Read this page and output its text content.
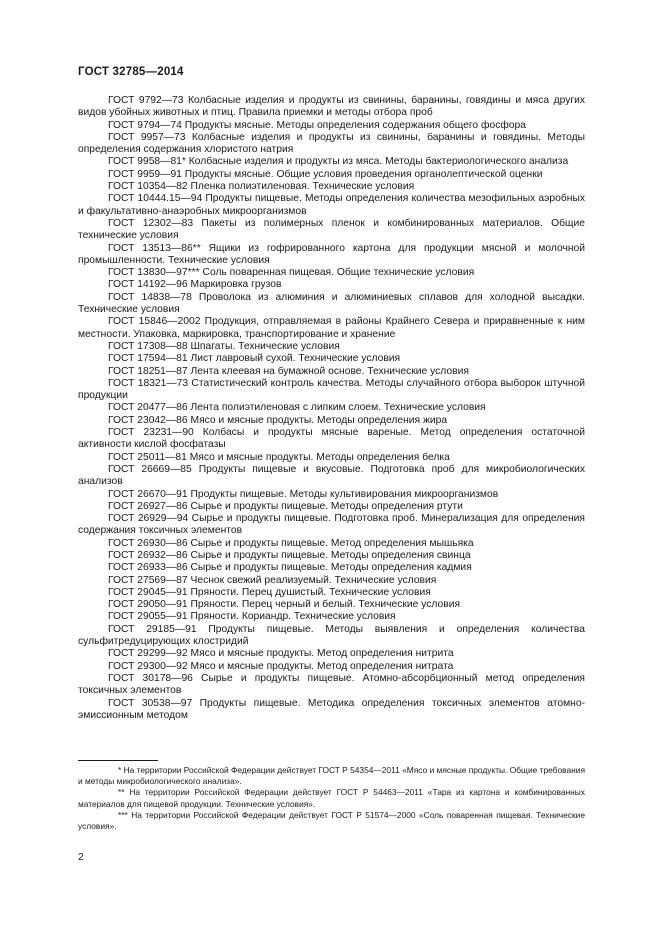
ГОСТ 32785—2014

ГОСТ 9792—73 Колбасные изделия и продукты из свинины, баранины, говядины и мяса других видов убойных животных и птиц. Правила приемки и методы отбора проб

ГОСТ 9794—74 Продукты мясные. Методы определения содержания общего фосфора

ГОСТ 9957—73 Колбасные изделия и продукты из свинины, баранины и говядины. Методы определения содержания хлористого натрия

ГОСТ 9958—81* Колбасные изделия и продукты из мяса. Методы бактериологического анализа

ГОСТ 9959—91 Продукты мясные. Общие условия проведения органолептической оценки

ГОСТ 10354—82 Пленка полиэтиленовая. Технические условия

ГОСТ 10444.15—94 Продукты пищевые. Методы определения количества мезофильных аэробных и факультативно-анаэробных микроорганизмов

ГОСТ 12302—83 Пакеты из полимерных пленок и комбинированных материалов. Общие технические условия

ГОСТ 13513—86** Ящики из гофрированного картона для продукции мясной и молочной промышленности. Технические условия

ГОСТ 13830—97*** Соль поваренная пищевая. Общие технические условия

ГОСТ 14192—96 Маркировка грузов

ГОСТ 14838—78 Проволока из алюминия и алюминиевых сплавов для холодной высадки. Технические условия

ГОСТ 15846—2002 Продукция, отправляемая в районы Крайнего Севера и приравненные к ним местности. Упаковка, маркировка, транспортирование и хранение

ГОСТ 17308—88 Шпагаты. Технические условия

ГОСТ 17594—81 Лист лавровый сухой. Технические условия

ГОСТ 18251—87 Лента клеевая на бумажной основе. Технические условия

ГОСТ 18321—73 Статистический контроль качества. Методы случайного отбора выборок штучной продукции

ГОСТ 20477—86 Лента полиэтиленовая с липким слоем. Технические условия

ГОСТ 23042—86 Мясо и мясные продукты. Методы определения жира

ГОСТ 23231—90 Колбасы и продукты мясные вареные. Метод определения остаточной активности кислой фосфатазы

ГОСТ 25011—81 Мясо и мясные продукты. Методы определения белка

ГОСТ 26669—85 Продукты пищевые и вкусовые. Подготовка проб для микробиологических анализов

ГОСТ 26670—91 Продукты пищевые. Методы культивирования микроорганизмов

ГОСТ 26927—86 Сырье и продукты пищевые. Методы определения ртути

ГОСТ 26929—94 Сырье и продукты пищевые. Подготовка проб. Минерализация для определения содержания токсичных элементов

ГОСТ 26930—86 Сырье и продукты пищевые. Метод определения мышьяка

ГОСТ 26932—86 Сырье и продукты пищевые. Методы определения свинца

ГОСТ 26933—86 Сырье и продукты пищевые. Методы определения кадмия

ГОСТ 27569—87 Чеснок свежий реализуемый. Технические условия

ГОСТ 29045—91 Пряности. Перец душистый. Технические условия

ГОСТ 29050—91 Пряности. Перец черный и белый. Технические условия

ГОСТ 29055—91 Пряности. Кориандр. Технические условия

ГОСТ 29185—91 Продукты пищевые. Методы выявления и определения количества сульфитредуцирующих клостридий

ГОСТ 29299—92 Мясо и мясные продукты. Метод определения нитрита

ГОСТ 29300—92 Мясо и мясные продукты. Метод определения нитрата

ГОСТ 30178—96 Сырье и продукты пищевые. Атомно-абсорбционный метод определения токсичных элементов

ГОСТ 30538—97 Продукты пищевые. Методика определения токсичных элементов атомно-эмиссионным методом

* На территории Российской Федерации действует ГОСТ Р 54354—2011 «Мясо и мясные продукты. Общие требования и методы микробиологического анализа».

** На территории Российской Федерации действует ГОСТ Р 54463—2011 «Тара из картона и комбинированных материалов для пищевой продукции. Технические условия».

*** На территории Российской Федерации действует ГОСТ Р 51574—2000 «Соль поваренная пищевая. Технические условия».

2
